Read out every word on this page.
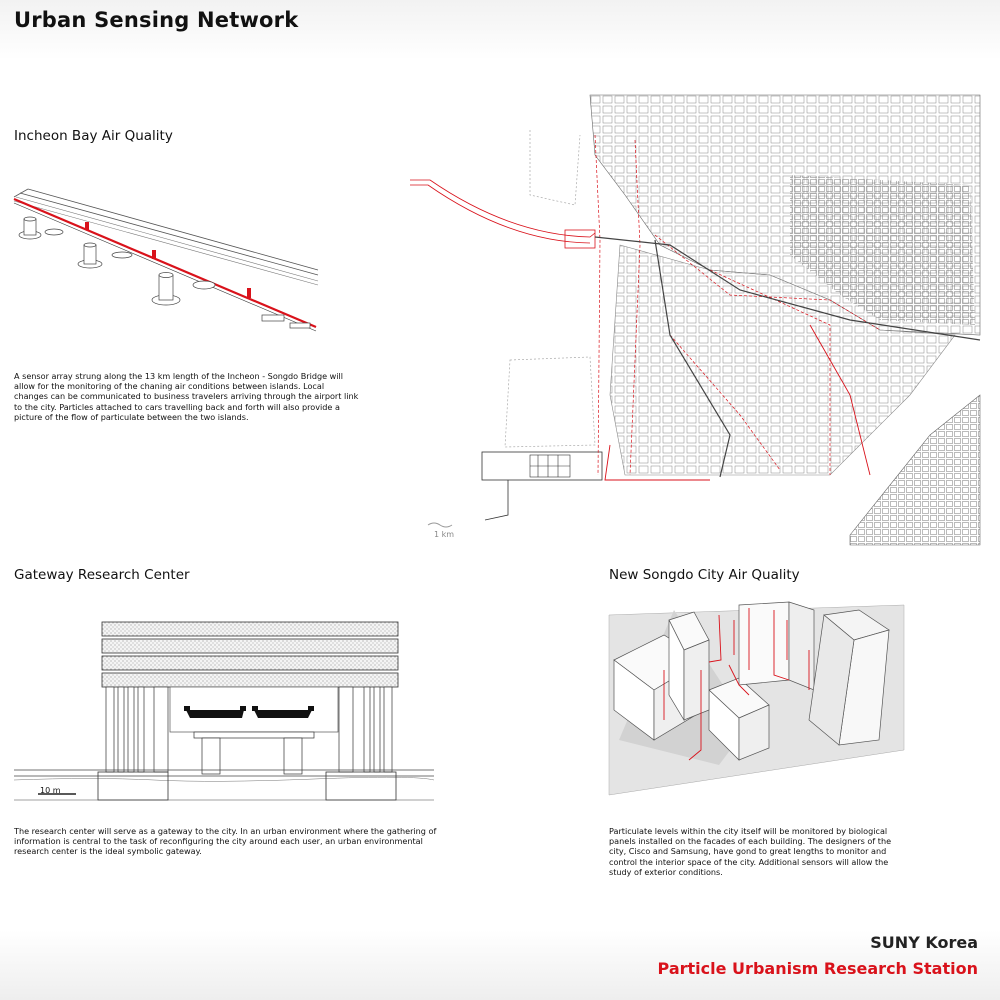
Urban Sensing Network
Incheon Bay Air Quality
A sensor array strung along the 13 km length of the Incheon - Songdo Bridge will allow for the monitoring of the chaning air conditions between islands. Local changes can be communicated to business travelers arriving through the airport link to the city. Particles attached to cars travelling back and forth will also provide a picture of the flow of particulate between the two islands.
1 km
Gateway Research Center
10 m
The research center will serve as a gateway to the city. In an urban environment where the gathering of information is central to the task of reconfiguring the city around each user, an urban environmental research center is the ideal symbolic gateway.
New Songdo City Air Quality
Particulate levels within the city itself will be monitored by biological panels installed on the facades of each building. The designers of the city, Cisco and Samsung, have gond to great lengths to monitor and control the interior space of the city. Additional sensors will allow the study of exterior conditions.
SUNY Korea
Particle Urbanism Research Station
